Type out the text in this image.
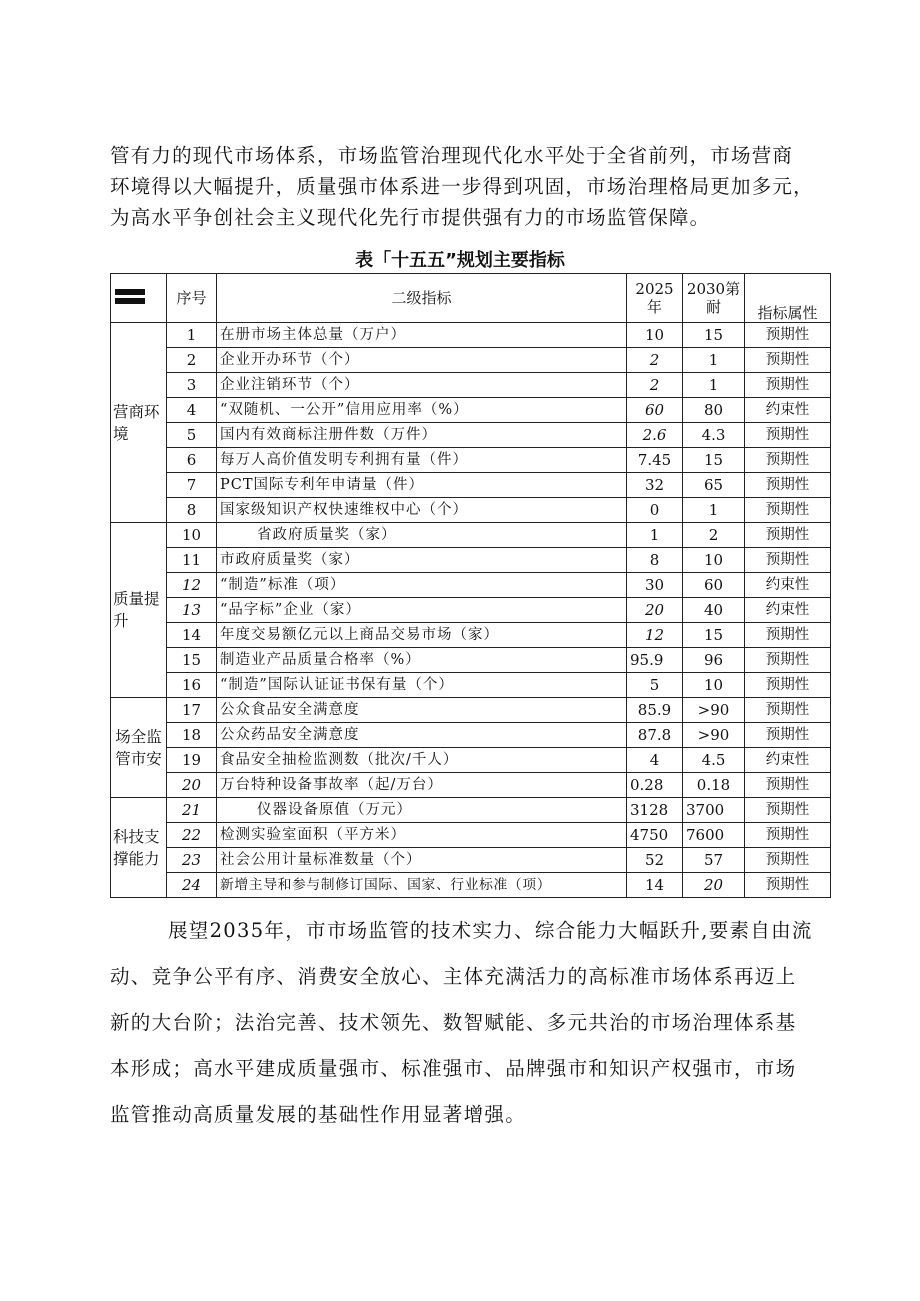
管有力的现代市场体系，市场监管治理现代化水平处于全省前列，市场营商
环境得以大幅提升，质量强市体系进一步得到巩固，市场治理格局更加多元，
为高水平争创社会主义现代化先行市提供强有力的市场监管保障。
表「十五五”规划主要指标
	序号	二级指标	2025年	2030第耐	指标属性
营商环境	1	在册市场主体总量（万户）	10	15	预期性
	2	企业开办环节（个）	2	1	预期性
	3	企业注销环节（个）	2	1	预期性
	4	“双随机、一公开”信用应用率（%）	60	80	约束性
	5	国内有效商标注册件数（万件）	2.6	4.3	预期性
	6	每万人高价值发明专利拥有量（件）	7.45	15	预期性
	7	PCT国际专利年申请量（件）	32	65	预期性
	8	国家级知识产权快速维权中心（个）	0	1	预期性
质量提升	10	省政府质量奖（家）	1	2	预期性
	11	市政府质量奖（家）	8	10	预期性
	12	“制造”标准（项）	30	60	约束性
	13	“品字标”企业（家）	20	40	约束性
	14	年度交易额亿元以上商品交易市场（家）	12	15	预期性
	15	制造业产品质量合格率（%）	95.9	96	预期性
	16	“制造”国际认证证书保有量（个）	5	10	预期性
场全监管市安	17	公众食品安全满意度	85.9	>90	预期性
	18	公众药品安全满意度	87.8	>90	预期性
	19	食品安全抽检监测数（批次/千人）	4	4.5	约束性
	20	万台特种设备事故率（起/万台）	0.28	0.18	预期性
科技支撑能力	21	仪器设备原值（万元）	3128	3700	预期性
	22	检测实验室面积（平方米）	4750	7600	预期性
	23	社会公用计量标准数量（个）	52	57	预期性
	24	新增主导和参与制修订国际、国家、行业标准（项）	14	20	预期性
展望2035年，市市场监管的技术实力、综合能力大幅跃升,要素自由流
动、竞争公平有序、消费安全放心、主体充满活力的高标准市场体系再迈上
新的大台阶；法治完善、技术领先、数智赋能、多元共治的市场治理体系基
本形成；高水平建成质量强市、标准强市、品牌强市和知识产权强市，市场
监管推动高质量发展的基础性作用显著增强。
